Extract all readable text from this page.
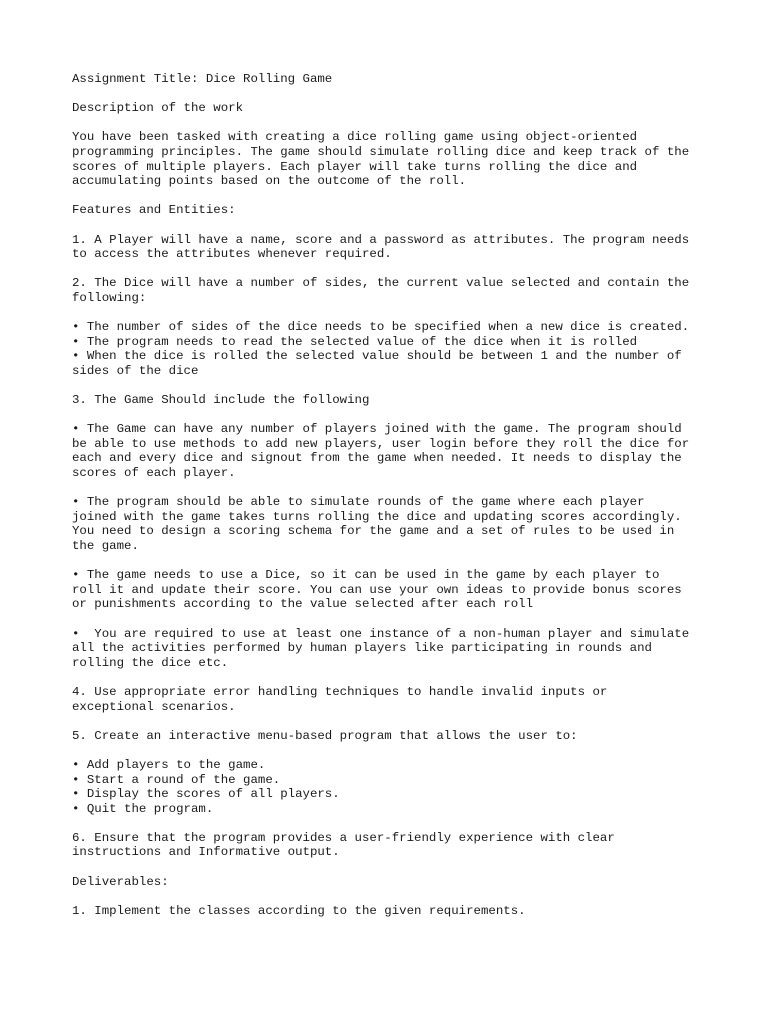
Assignment Title: Dice Rolling Game
Description of the work
You have been tasked with creating a dice rolling game using object-oriented
programming principles. The game should simulate rolling dice and keep track of the
scores of multiple players. Each player will take turns rolling the dice and
accumulating points based on the outcome of the roll.
Features and Entities:
1. A Player will have a name, score and a password as attributes. The program needs
to access the attributes whenever required.
2. The Dice will have a number of sides, the current value selected and contain the
following:
• The number of sides of the dice needs to be specified when a new dice is created.
• The program needs to read the selected value of the dice when it is rolled
• When the dice is rolled the selected value should be between 1 and the number of
sides of the dice
3. The Game Should include the following
• The Game can have any number of players joined with the game. The program should
be able to use methods to add new players, user login before they roll the dice for
each and every dice and signout from the game when needed. It needs to display the
scores of each player.
• The program should be able to simulate rounds of the game where each player
joined with the game takes turns rolling the dice and updating scores accordingly.
You need to design a scoring schema for the game and a set of rules to be used in
the game.
• The game needs to use a Dice, so it can be used in the game by each player to
roll it and update their score. You can use your own ideas to provide bonus scores
or punishments according to the value selected after each roll
•  You are required to use at least one instance of a non-human player and simulate
all the activities performed by human players like participating in rounds and
rolling the dice etc.
4. Use appropriate error handling techniques to handle invalid inputs or
exceptional scenarios.
5. Create an interactive menu-based program that allows the user to:
• Add players to the game.
• Start a round of the game.
• Display the scores of all players.
• Quit the program.
6. Ensure that the program provides a user-friendly experience with clear
instructions and Informative output.
Deliverables:
1. Implement the classes according to the given requirements.
